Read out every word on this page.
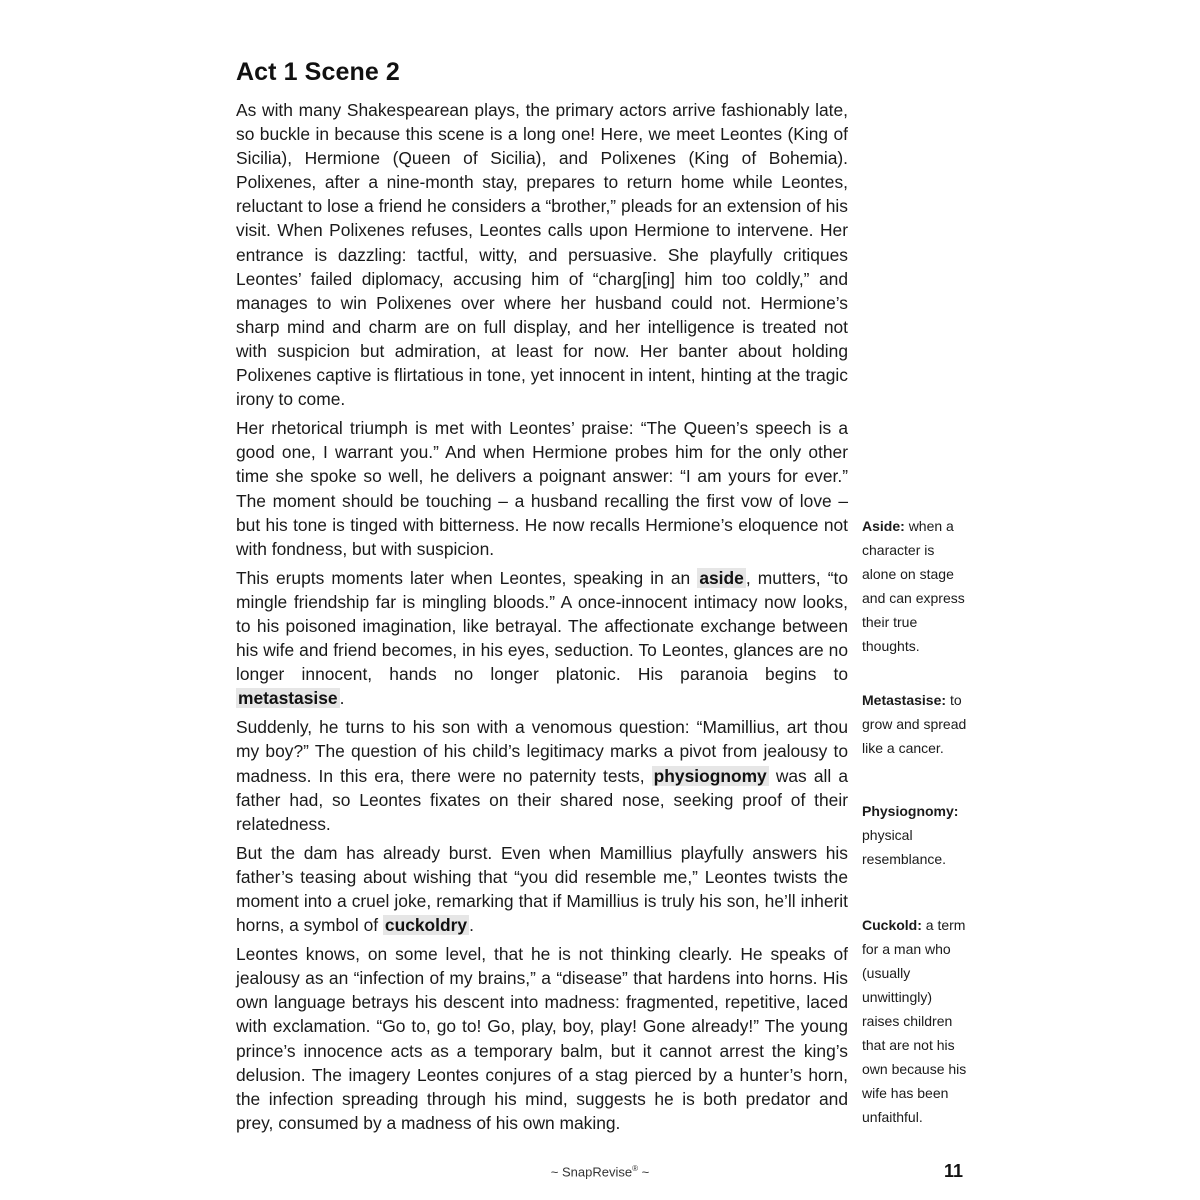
Act 1 Scene 2

As with many Shakespearean plays, the primary actors arrive fashionably late, so buckle in because this scene is a long one! Here, we meet Leontes (King of Sicilia), Hermione (Queen of Sicilia), and Polixenes (King of Bohemia). Polixenes, after a nine-month stay, prepares to return home while Leontes, reluctant to lose a friend he considers a “brother,” pleads for an extension of his visit. When Polixenes refuses, Leontes calls upon Hermione to intervene. Her entrance is dazzling: tactful, witty, and persuasive. She playfully critiques Leontes’ failed diplomacy, accusing him of “charg[ing] him too coldly,” and manages to win Polixenes over where her husband could not. Hermione’s sharp mind and charm are on full display, and her intelligence is treated not with suspicion but admiration, at least for now. Her banter about holding Polixenes captive is flirtatious in tone, yet innocent in intent, hinting at the tragic irony to come.

Her rhetorical triumph is met with Leontes’ praise: “The Queen’s speech is a good one, I warrant you.” And when Hermione probes him for the only other time she spoke so well, he delivers a poignant answer: “I am yours for ever.” The moment should be touching – a husband recalling the first vow of love – but his tone is tinged with bitterness. He now recalls Hermione’s eloquence not with fondness, but with suspicion.

This erupts moments later when Leontes, speaking in an aside , mutters, “to mingle friendship far is mingling bloods.” A once-innocent intimacy now looks, to his poisoned imagination, like betrayal. The affectionate exchange between his wife and friend becomes, in his eyes, seduction. To Leontes, glances are no longer innocent, hands no longer platonic. His paranoia begins to metastasise .

Suddenly, he turns to his son with a venomous question: “Mamillius, art thou my boy?” The question of his child’s legitimacy marks a pivot from jealousy to madness. In this era, there were no paternity tests, physiognomy was all a father had, so Leontes fixates on their shared nose, seeking proof of their relatedness.

But the dam has already burst. Even when Mamillius playfully answers his father’s teasing about wishing that “you did resemble me,” Leontes twists the moment into a cruel joke, remarking that if Mamillius is truly his son, he’ll inherit horns, a symbol of cuckoldry .

Leontes knows, on some level, that he is not thinking clearly. He speaks of jealousy as an “infection of my brains,” a “disease” that hardens into horns. His own language betrays his descent into madness: fragmented, repetitive, laced with exclamation. “Go to, go to! Go, play, boy, play! Gone already!” The young prince’s innocence acts as a temporary balm, but it cannot arrest the king’s delusion. The imagery Leontes conjures of a stag pierced by a hunter’s horn, the infection spreading through his mind, suggests he is both predator and prey, consumed by a madness of his own making.

Aside: when a character is alone on stage and can express their true thoughts.
Metastasise: to grow and spread like a cancer.
Physiognomy: physical resemblance.
Cuckold: a term for a man who (usually unwittingly) raises children that are not his own because his wife has been unfaithful.
~ SnapRevise® ~	11
